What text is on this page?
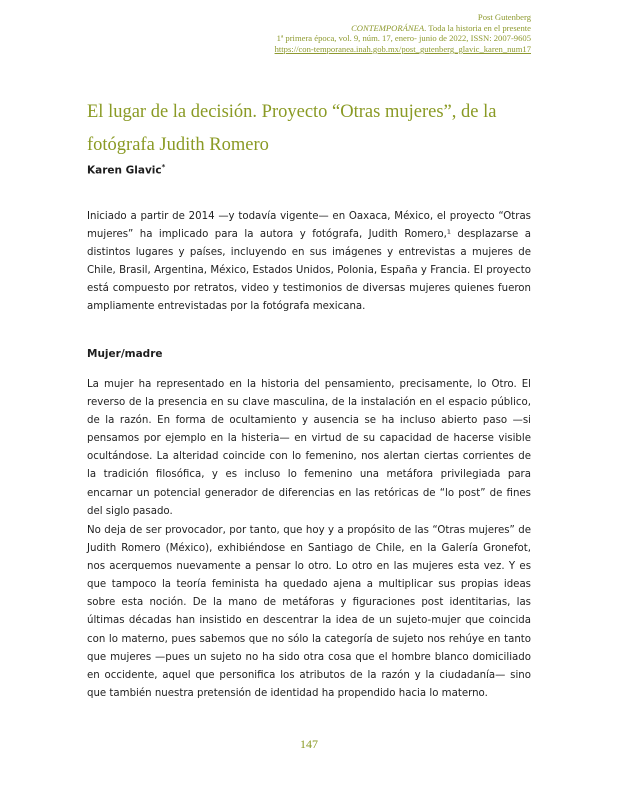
Post Gutenberg
CONTEMPORÁNEA. Toda la historia en el presente
1ª primera época, vol. 9, núm. 17, enero- junio de 2022, ISSN: 2007-9605
https://con-temporanea.inah.gob.mx/post_gutenberg_glavic_karen_num17
El lugar de la decisión. Proyecto “Otras mujeres”, de la fotógrafa Judith Romero
Karen Glavic*

Iniciado a partir de 2014 —y todavía vigente— en Oaxaca, México, el proyecto “Otras mujeres” ha implicado para la autora y fotógrafa, Judith Romero,¹ desplazarse a distintos lugares y países, incluyendo en sus imágenes y entrevistas a mujeres de Chile, Brasil, Argentina, México, Estados Unidos, Polonia, España y Francia. El proyecto está compuesto por retratos, video y testimonios de diversas mujeres quienes fueron ampliamente entrevistadas por la fotógrafa mexicana.

Mujer/madre

La mujer ha representado en la historia del pensamiento, precisamente, lo Otro. El reverso de la presencia en su clave masculina, de la instalación en el espacio público, de la razón. En forma de ocultamiento y ausencia se ha incluso abierto paso —si pensamos por ejemplo en la histeria— en virtud de su capacidad de hacerse visible ocultándose. La alteridad coincide con lo femenino, nos alertan ciertas corrientes de la tradición filosófica, y es incluso lo femenino una metáfora privilegiada para encarnar un potencial generador de diferencias en las retóricas de “lo post” de fines del siglo pasado.

No deja de ser provocador, por tanto, que hoy y a propósito de las “Otras mujeres” de Judith Romero (México), exhibiéndose en Santiago de Chile, en la Galería Gronefot, nos acerquemos nuevamente a pensar lo otro. Lo otro en las mujeres esta vez. Y es que tampoco la teoría feminista ha quedado ajena a multiplicar sus propias ideas sobre esta noción. De la mano de metáforas y figuraciones post identitarias, las últimas décadas han insistido en descentrar la idea de un sujeto-mujer que coincida con lo materno, pues sabemos que no sólo la categoría de sujeto nos rehúye en tanto que mujeres —pues un sujeto no ha sido otra cosa que el hombre blanco domiciliado en occidente, aquel que personifica los atributos de la razón y la ciudadanía— sino que también nuestra pretensión de identidad ha propendido hacia lo materno.

147
